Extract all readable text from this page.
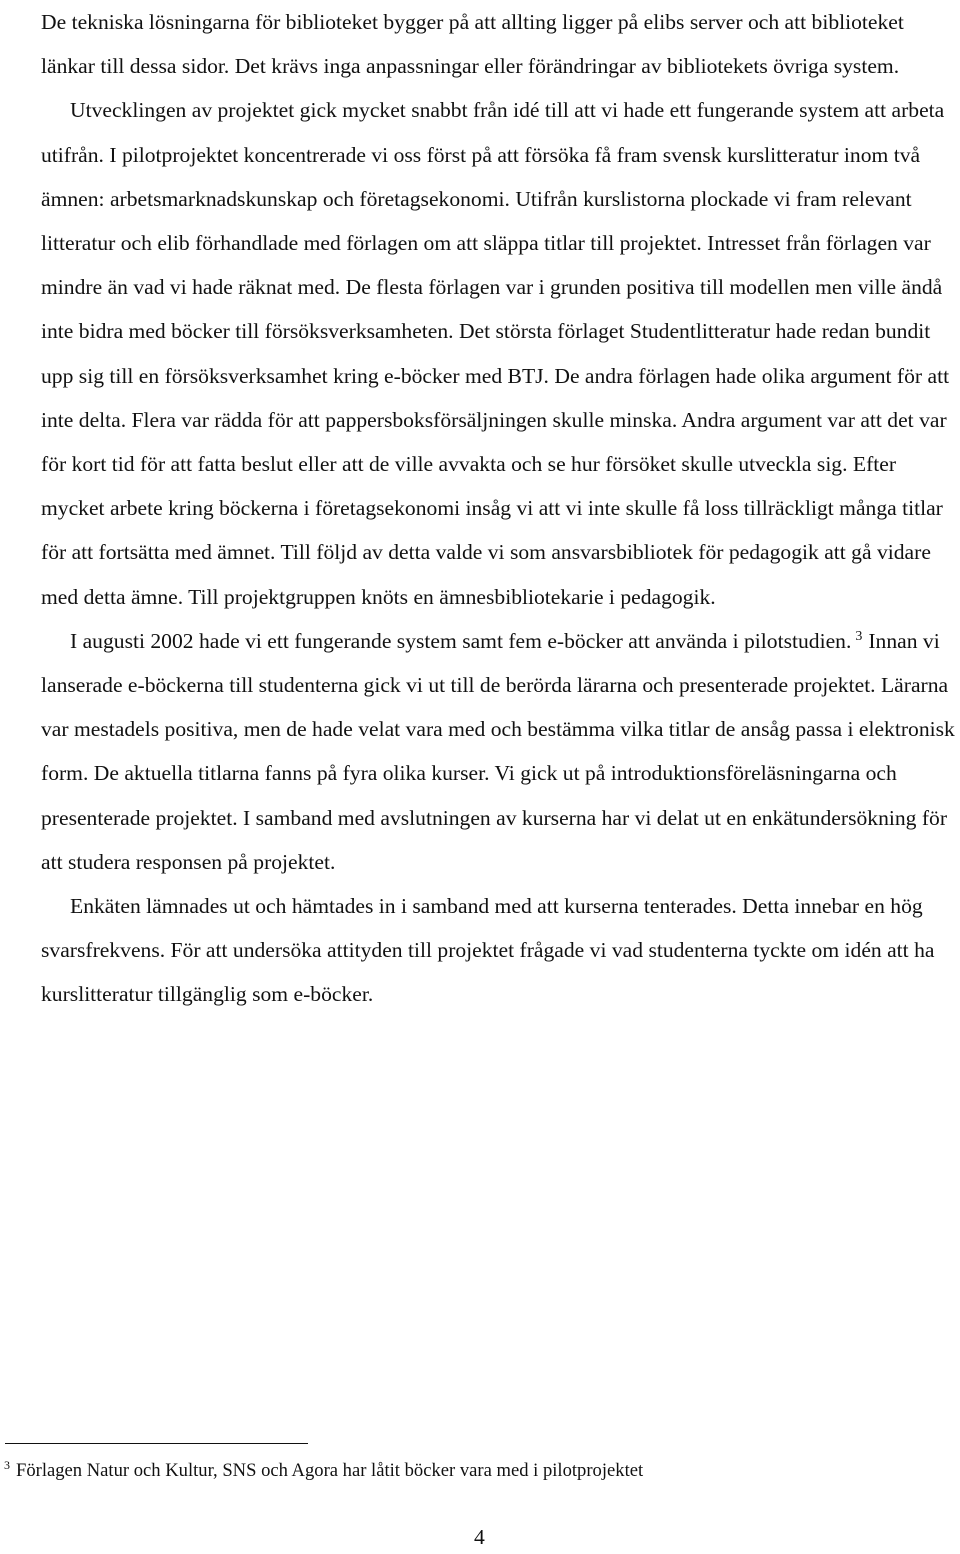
De tekniska lösningarna för biblioteket bygger på att allting ligger på elibs server och att biblioteket länkar till dessa sidor. Det krävs inga anpassningar eller förändringar av bibliotekets övriga system.

Utvecklingen av projektet gick mycket snabbt från idé till att vi hade ett fungerande system att arbeta utifrån. I pilotprojektet koncentrerade vi oss först på att försöka få fram svensk kurslitteratur inom två ämnen: arbetsmarknadskunskap och företagsekonomi. Utifrån kurslistorna plockade vi fram relevant litteratur och elib förhandlade med förlagen om att släppa titlar till projektet. Intresset från förlagen var mindre än vad vi hade räknat med. De flesta förlagen var i grunden positiva till modellen men ville ändå inte bidra med böcker till försöksverksamheten. Det största förlaget Studentlitteratur hade redan bundit upp sig till en försöksverksamhet kring e-böcker med BTJ. De andra förlagen hade olika argument för att inte delta. Flera var rädda för att pappersboksförsäljningen skulle minska. Andra argument var att det var för kort tid för att fatta beslut eller att de ville avvakta och se hur försöket skulle utveckla sig. Efter mycket arbete kring böckerna i företagsekonomi insåg vi att vi inte skulle få loss tillräckligt många titlar för att fortsätta med ämnet. Till följd av detta valde vi som ansvarsbibliotek för pedagogik att gå vidare med detta ämne. Till projektgruppen knöts en ämnesbibliotekarie i pedagogik.

I augusti 2002 hade vi ett fungerande system samt fem e-böcker att använda i pilotstudien. $^3$ Innan vi lanserade e-böckerna till studenterna gick vi ut till de berörda lärarna och presenterade projektet. Lärarna var mestadels positiva, men de hade velat vara med och bestämma vilka titlar de ansåg passa i elektronisk form. De aktuella titlarna fanns på fyra olika kurser. Vi gick ut på introduktionsföreläsningarna och presenterade projektet. I samband med avslutningen av kurserna har vi delat ut en enkätundersökning för att studera responsen på projektet.

Enkäten lämnades ut och hämtades in i samband med att kurserna tenterades. Detta innebar en hög svarsfrekvens. För att undersöka attityden till projektet frågade vi vad studenterna tyckte om idén att ha kurslitteratur tillgänglig som e-böcker.

$^3$ Förlagen Natur och Kultur, SNS och Agora har låtit böcker vara med i pilotprojektet
4
